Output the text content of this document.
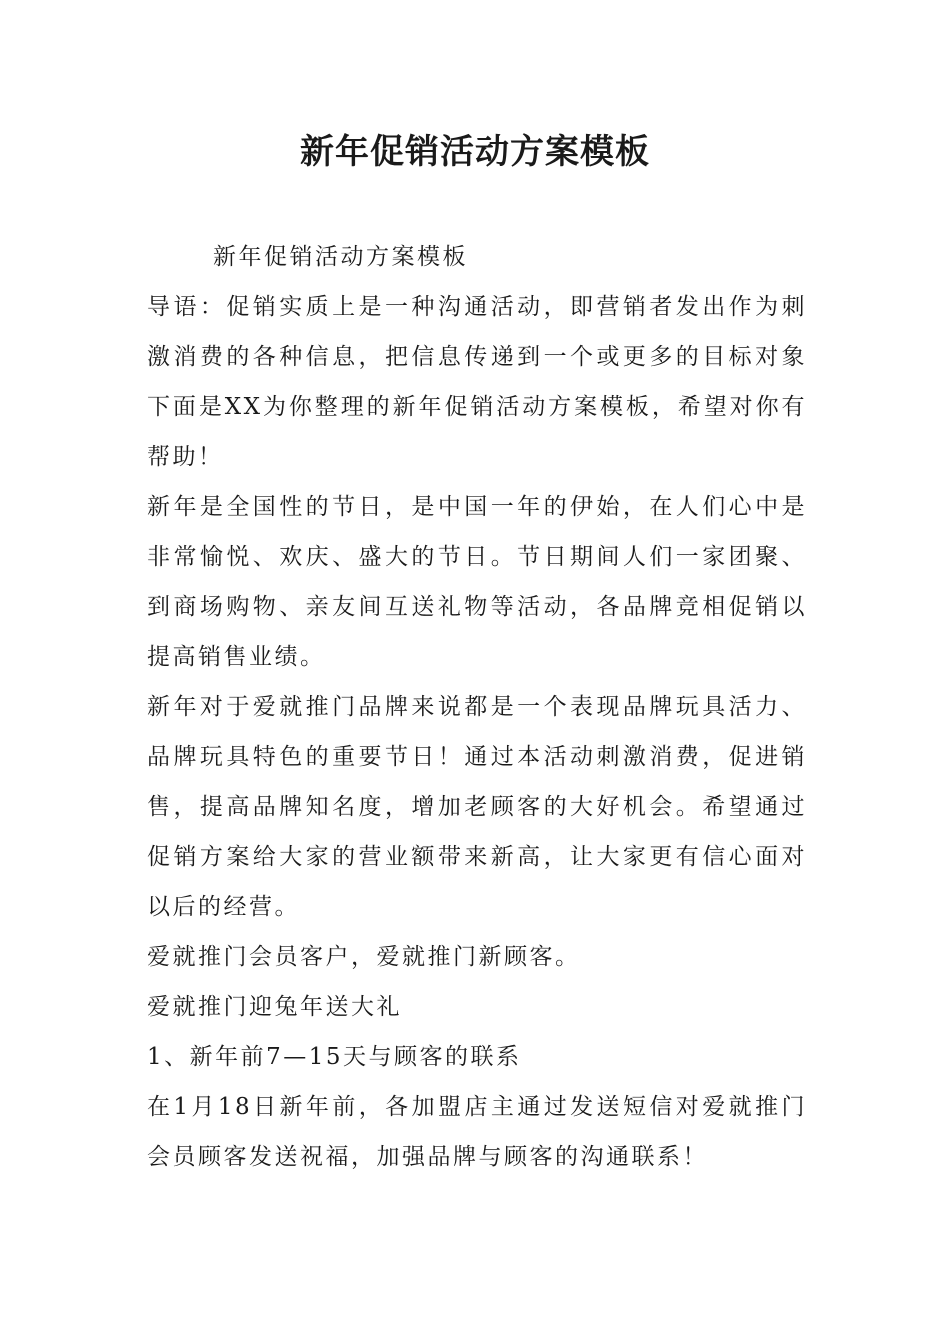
新年促销活动方案模板

新年促销活动方案模板

导语：促销实质上是一种沟通活动，即营销者发出作为刺激消费的各种信息，把信息传递到一个或更多的目标对象下面是XX为你整理的新年促销活动方案模板，希望对你有帮助！

新年是全国性的节日，是中国一年的伊始，在人们心中是非常愉悦、欢庆、盛大的节日。节日期间人们一家团聚、到商场购物、亲友间互送礼物等活动，各品牌竞相促销以提高销售业绩。

新年对于爱就推门品牌来说都是一个表现品牌玩具活力、品牌玩具特色的重要节日！通过本活动刺激消费，促进销售，提高品牌知名度，增加老顾客的大好机会。希望通过促销方案给大家的营业额带来新高，让大家更有信心面对以后的经营。

爱就推门会员客户，爱就推门新顾客。

爱就推门迎兔年送大礼

1、新年前7—15天与顾客的联系

在1月18日新年前，各加盟店主通过发送短信对爱就推门会员顾客发送祝福，加强品牌与顾客的沟通联系！
